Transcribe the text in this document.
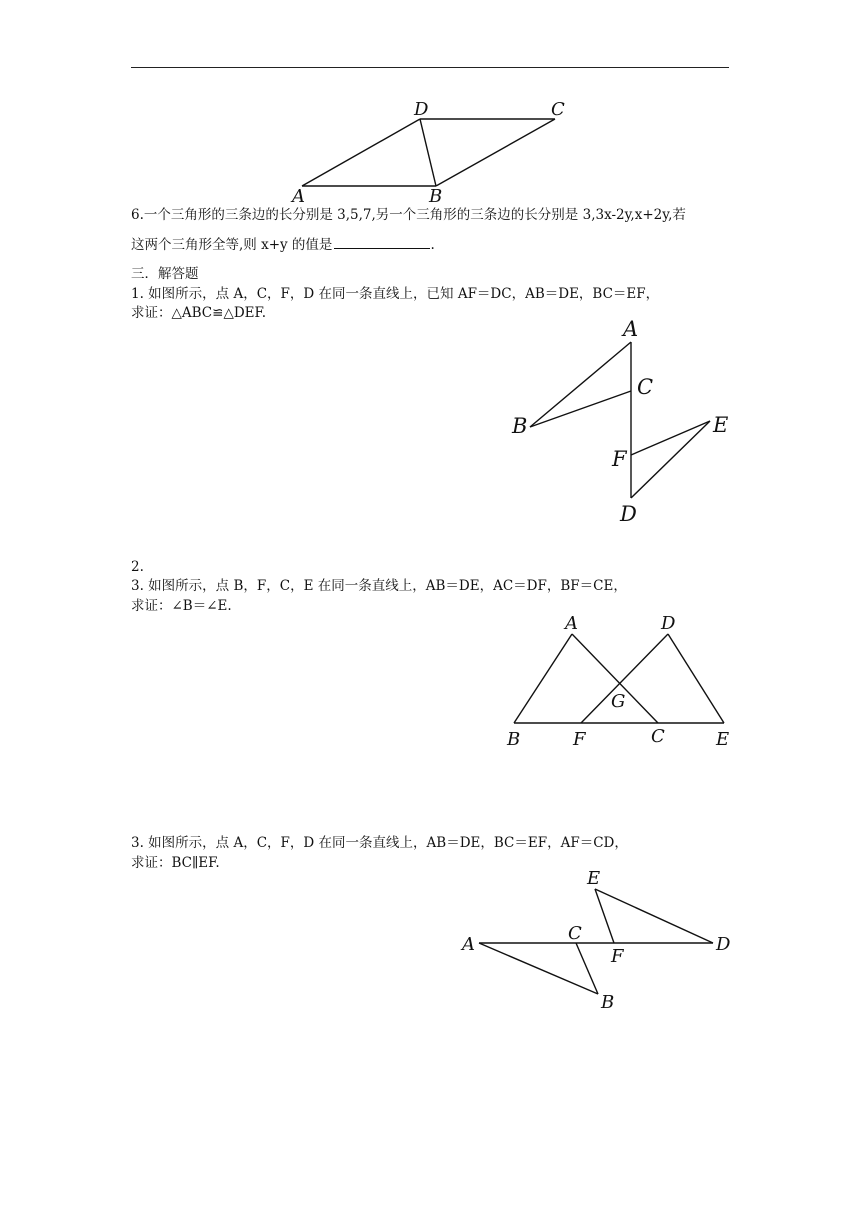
A	B
D	C
6.一个三角形的三条边的长分别是 3,5,7,另一个三角形的三条边的长分别是 3,3x-2y,x+2y,若
这两个三角形全等,则 x+y 的值是	.
三．解答题
1. 如图所示，点 A，C，F，D 在同一条直线上，已知 AF＝DC，AB＝DE，BC＝EF，
求证：△ABC≌△DEF.
A
C
B	E
F
D
2.
3. 如图所示，点 B，F，C，E 在同一条直线上，AB＝DE，AC＝DF，BF＝CE，
求证：∠B＝∠E.
A	D
G
B	F	C	E
3. 如图所示，点 A，C，F，D 在同一条直线上，AB＝DE，BC＝EF，AF＝CD，
求证：BC∥EF.
E
A
C
F
D
B
